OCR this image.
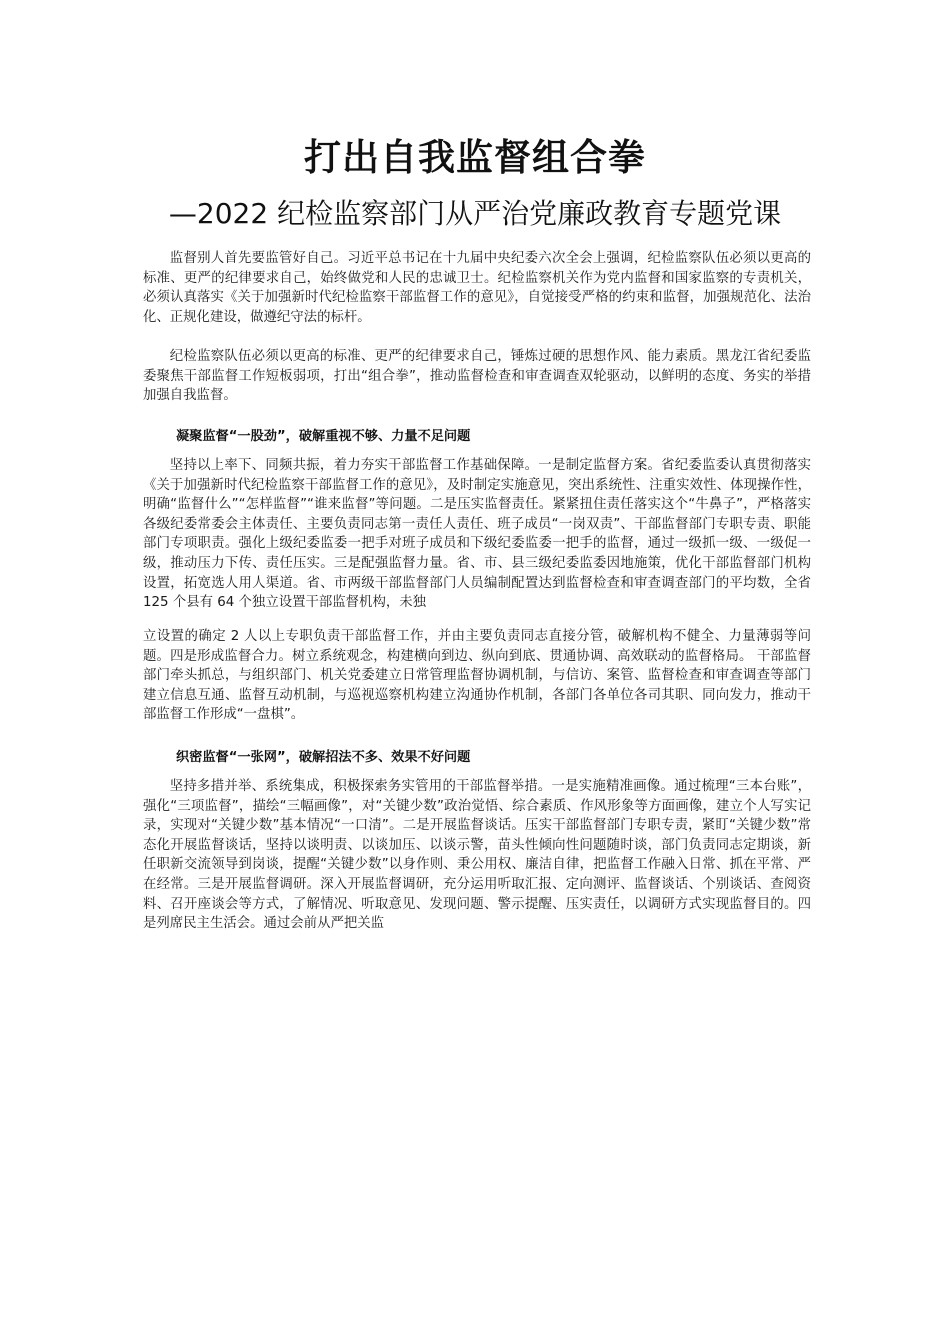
打出自我监督组合拳
—2022 纪检监察部门从严治党廉政教育专题党课

监督别人首先要监管好自己。习近平总书记在十九届中央纪委六次全会上强调，纪检监察队伍必须以更高的标准、更严的纪律要求自己，始终做党和人民的忠诚卫士。纪检监察机关作为党内监督和国家监察的专责机关，必须认真落实《关于加强新时代纪检监察干部监督工作的意见》，自觉接受严格的约束和监督，加强规范化、法治化、正规化建设，做遵纪守法的标杆。

纪检监察队伍必须以更高的标准、更严的纪律要求自己，锤炼过硬的思想作风、能力素质。黑龙江省纪委监委聚焦干部监督工作短板弱项，打出“组合拳”，推动监督检查和审查调查双轮驱动，以鲜明的态度、务实的举措加强自我监督。

凝聚监督“一股劲”，破解重视不够、力量不足问题

坚持以上率下、同频共振，着力夯实干部监督工作基础保障。一是制定监督方案。省纪委监委认真贯彻落实《关于加强新时代纪检监察干部监督工作的意见》，及时制定实施意见，突出系统性、注重实效性、体现操作性，明确“监督什么”“怎样监督”“谁来监督”等问题。二是压实监督责任。紧紧扭住责任落实这个“牛鼻子”，严格落实各级纪委常委会主体责任、主要负责同志第一责任人责任、班子成员“一岗双责”、干部监督部门专职专责、职能部门专项职责。强化上级纪委监委一把手对班子成员和下级纪委监委一把手的监督，通过一级抓一级、一级促一级，推动压力下传、责任压实。三是配强监督力量。省、市、县三级纪委监委因地施策，优化干部监督部门机构设置，拓宽选人用人渠道。省、市两级干部监督部门人员编制配置达到监督检查和审查调查部门的平均数，全省 125 个县有 64 个独立设置干部监督机构，未独

立设置的确定 2 人以上专职负责干部监督工作，并由主要负责同志直接分管，破解机构不健全、力量薄弱等问题。四是形成监督合力。树立系统观念，构建横向到边、纵向到底、贯通协调、高效联动的监督格局。 干部监督部门牵头抓总，与组织部门、机关党委建立日常管理监督协调机制，与信访、案管、监督检查和审查调查等部门建立信息互通、监督互动机制，与巡视巡察机构建立沟通协作机制，各部门各单位各司其职、同向发力，推动干部监督工作形成“一盘棋”。

织密监督“一张网”，破解招法不多、效果不好问题

坚持多措并举、系统集成，积极探索务实管用的干部监督举措。一是实施精准画像。通过梳理“三本台账”，强化“三项监督”，描绘“三幅画像”，对“关键少数”政治觉悟、综合素质、作风形象等方面画像，建立个人写实记录，实现对“关键少数”基本情况“一口清”。二是开展监督谈话。压实干部监督部门专职专责，紧盯“关键少数”常态化开展监督谈话，坚持以谈明责、以谈加压、以谈示警，苗头性倾向性问题随时谈，部门负责同志定期谈，新任职新交流领导到岗谈，提醒“关键少数”以身作则、秉公用权、廉洁自律，把监督工作融入日常、抓在平常、严在经常。三是开展监督调研。深入开展监督调研，充分运用听取汇报、定向测评、监督谈话、个别谈话、查阅资料、召开座谈会等方式，了解情况、听取意见、发现问题、警示提醒、压实责任，以调研方式实现监督目的。四是列席民主生活会。通过会前从严把关监
